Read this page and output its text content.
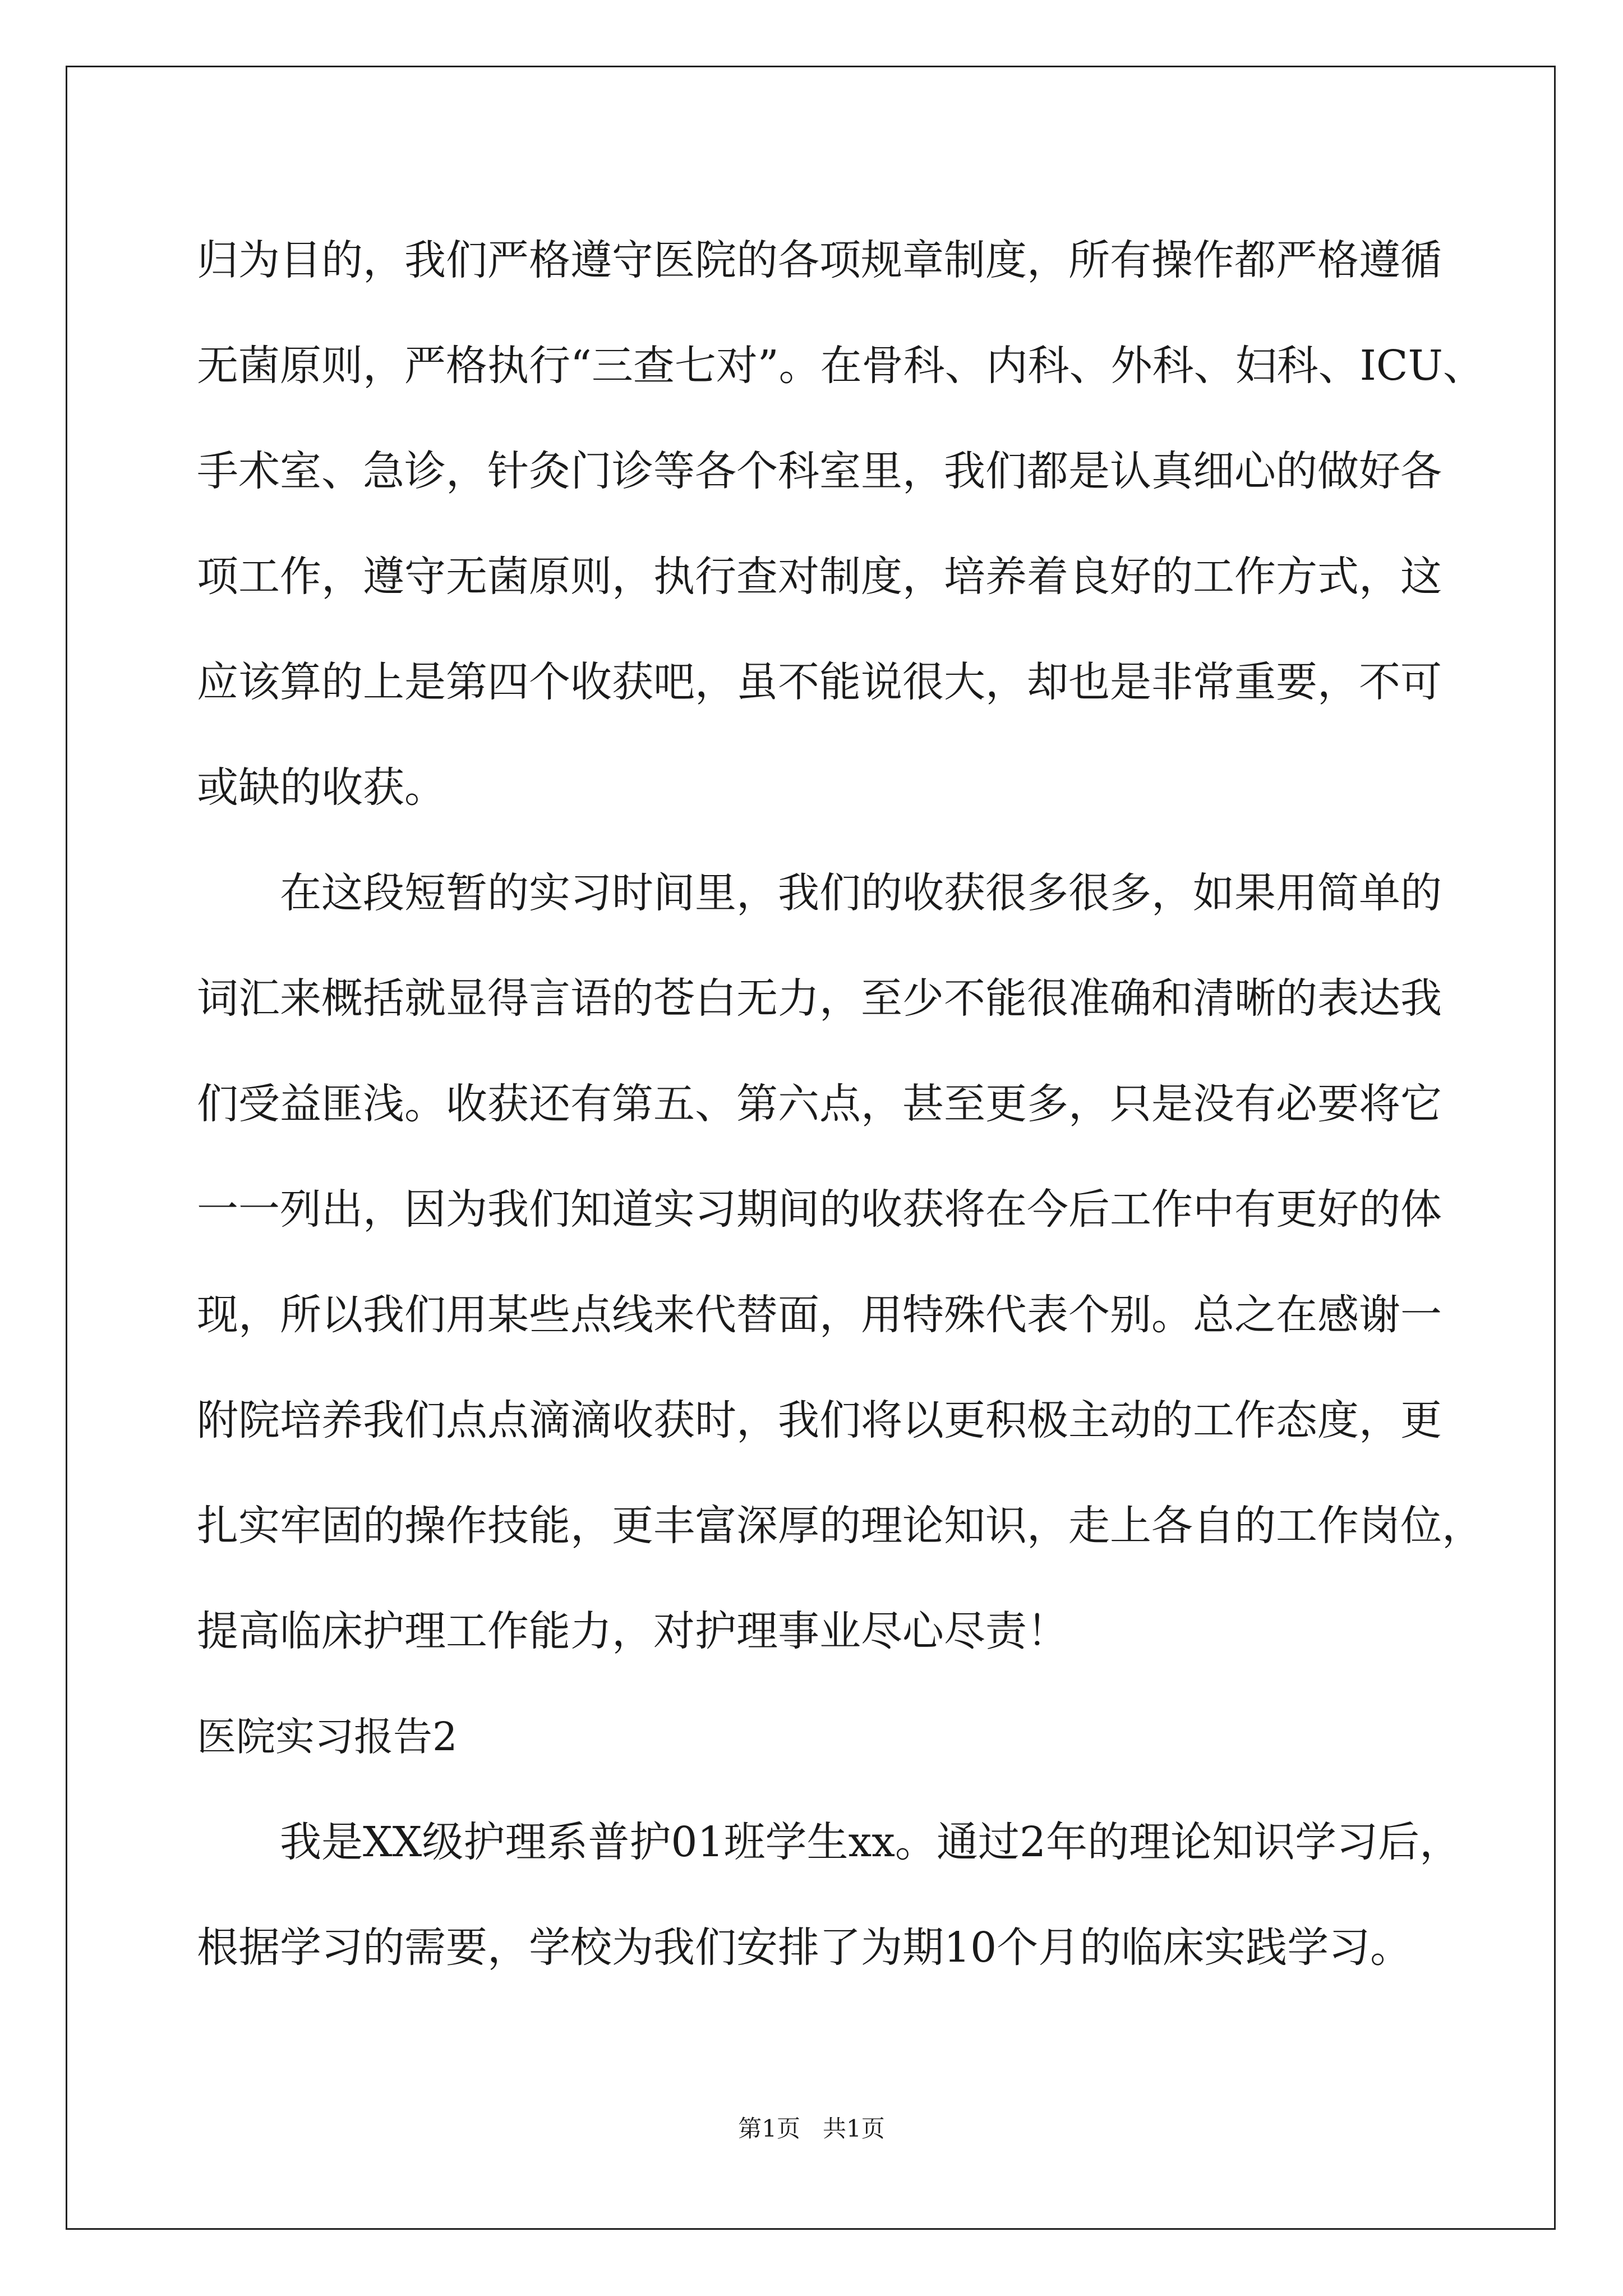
归为目的，我们严格遵守医院的各项规章制度，所有操作都严格遵循
无菌原则，严格执行“三查七对”。在骨科、内科、外科、妇科、ICU、
手术室、急诊，针灸门诊等各个科室里，我们都是认真细心的做好各
项工作，遵守无菌原则，执行查对制度，培养着良好的工作方式，这
应该算的上是第四个收获吧，虽不能说很大，却也是非常重要，不可
或缺的收获。
在这段短暂的实习时间里，我们的收获很多很多，如果用简单的
词汇来概括就显得言语的苍白无力，至少不能很准确和清晰的表达我
们受益匪浅。收获还有第五、第六点，甚至更多，只是没有必要将它
一一列出，因为我们知道实习期间的收获将在今后工作中有更好的体
现，所以我们用某些点线来代替面，用特殊代表个别。总之在感谢一
附院培养我们点点滴滴收获时，我们将以更积极主动的工作态度，更
扎实牢固的操作技能，更丰富深厚的理论知识，走上各自的工作岗位，
提高临床护理工作能力，对护理事业尽心尽责！
医院实习报告2
我是XX级护理系普护01班学生xx。通过2年的理论知识学习后，
根据学习的需要，学校为我们安排了为期10个月的临床实践学习。
第1页   共1页
